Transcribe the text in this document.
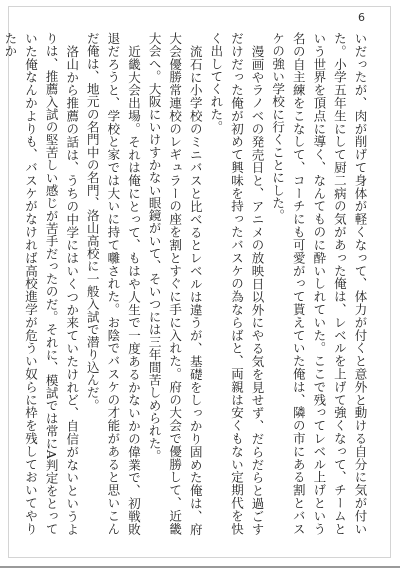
6

いだったが、肉が削げて身体が軽くなって、体力が付くと意外と動ける自分に気が付いた。小学五年生にして厨二病の気があった俺は、レベルを上げて強くなって、チームという世界を頂点に導く、なんてものに酔いしれていた。ここで残ってレベル上げという名の自主練をこなして、コーチにも可愛がって貰えていた俺は、隣の市にある割とバスケの強い学校に行くことにした。

漫画やラノベの発売日と、アニメの放映日以外にやる気を見せず、だらだらと過ごすだけだった俺が初めて興味を持ったバスケの為ならばと、両親は安くもない定期代を快く出してくれた。

流石に小学校のミニバスと比べるとレベルは違うが、基礎をしっかり固めた俺は、府大会優勝常連校のレギュラーの座を割とすぐに手に入れた。府の大会で優勝して、近畿大会へ。大阪にいけすかない眼鏡がいて、そいつには三年間苦しめられた。

近畿大会出場。それは俺にとって、もはや人生で一度あるかないかの偉業で、初戦敗退だろうと、学校と家では大いに持て囃された。お陰でバスケの才能があると思いこんだ俺は、地元の名門中の名門、洛山高校に一般入試で潜り込んだ。

洛山から推薦の話は、うちの中学にはいくつか来ていたけれど、自信がないというよりは、推薦入試の堅苦しい感じが苦手だったのだ。それに、模試では常にA判定をとっていた俺なんかよりも、バスケがなければ高校進学が危うい奴らに枠を残しておいてやりたか
